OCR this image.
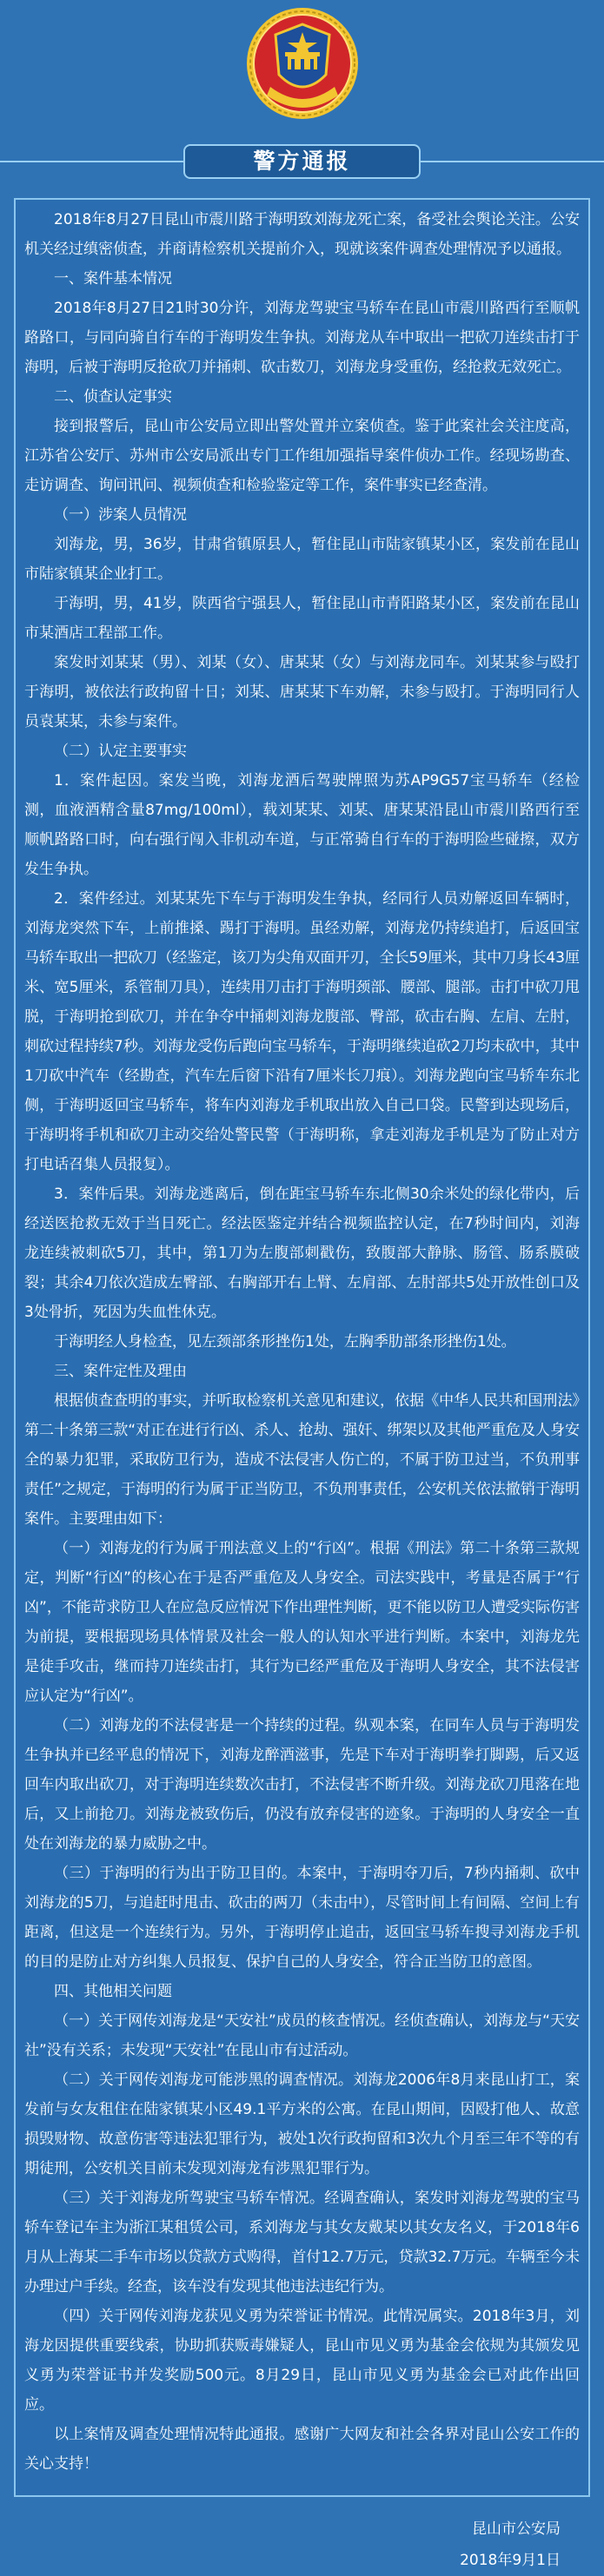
警方通报

2018年8月27日昆山市震川路于海明致刘海龙死亡案，备受社会舆论关注。公安机关经过缜密侦查，并商请检察机关提前介入，现就该案件调查处理情况予以通报。

一、案件基本情况

2018年8月27日21时30分许，刘海龙驾驶宝马轿车在昆山市震川路西行至顺帆路路口，与同向骑自行车的于海明发生争执。刘海龙从车中取出一把砍刀连续击打于海明，后被于海明反抢砍刀并捅刺、砍击数刀，刘海龙身受重伤，经抢救无效死亡。

二、侦查认定事实

接到报警后，昆山市公安局立即出警处置并立案侦查。鉴于此案社会关注度高，江苏省公安厅、苏州市公安局派出专门工作组加强指导案件侦办工作。经现场勘查、走访调查、询问讯问、视频侦查和检验鉴定等工作，案件事实已经查清。

（一）涉案人员情况

刘海龙，男，36岁，甘肃省镇原县人，暂住昆山市陆家镇某小区，案发前在昆山市陆家镇某企业打工。

于海明，男，41岁，陕西省宁强县人，暂住昆山市青阳路某小区，案发前在昆山市某酒店工程部工作。

案发时刘某某（男）、刘某（女）、唐某某（女）与刘海龙同车。刘某某参与殴打于海明，被依法行政拘留十日；刘某、唐某某下车劝解，未参与殴打。于海明同行人员袁某某，未参与案件。

（二）认定主要事实

1．案件起因。案发当晚，刘海龙酒后驾驶牌照为苏AP9G57宝马轿车（经检测，血液酒精含量87mg/100ml），载刘某某、刘某、唐某某沿昆山市震川路西行至顺帆路路口时，向右强行闯入非机动车道，与正常骑自行车的于海明险些碰擦，双方发生争执。

2．案件经过。刘某某先下车与于海明发生争执，经同行人员劝解返回车辆时，刘海龙突然下车，上前推搡、踢打于海明。虽经劝解，刘海龙仍持续追打，后返回宝马轿车取出一把砍刀（经鉴定，该刀为尖角双面开刃，全长59厘米，其中刀身长43厘米、宽5厘米，系管制刀具），连续用刀击打于海明颈部、腰部、腿部。击打中砍刀甩脱，于海明抢到砍刀，并在争夺中捅刺刘海龙腹部、臀部，砍击右胸、左肩、左肘，刺砍过程持续7秒。刘海龙受伤后跑向宝马轿车，于海明继续追砍2刀均未砍中，其中1刀砍中汽车（经勘查，汽车左后窗下沿有7厘米长刀痕）。刘海龙跑向宝马轿车东北侧，于海明返回宝马轿车，将车内刘海龙手机取出放入自己口袋。民警到达现场后，于海明将手机和砍刀主动交给处警民警（于海明称，拿走刘海龙手机是为了防止对方打电话召集人员报复）。

3．案件后果。刘海龙逃离后，倒在距宝马轿车东北侧30余米处的绿化带内，后经送医抢救无效于当日死亡。经法医鉴定并结合视频监控认定，在7秒时间内，刘海龙连续被刺砍5刀，其中，第1刀为左腹部刺戳伤，致腹部大静脉、肠管、肠系膜破裂；其余4刀依次造成左臀部、右胸部开右上臂、左肩部、左肘部共5处开放性创口及3处骨折，死因为失血性休克。

于海明经人身检查，见左颈部条形挫伤1处，左胸季肋部条形挫伤1处。

三、案件定性及理由

根据侦查查明的事实，并听取检察机关意见和建议，依据《中华人民共和国刑法》第二十条第三款“对正在进行行凶、杀人、抢劫、强奸、绑架以及其他严重危及人身安全的暴力犯罪，采取防卫行为，造成不法侵害人伤亡的，不属于防卫过当，不负刑事责任”之规定，于海明的行为属于正当防卫，不负刑事责任，公安机关依法撤销于海明案件。主要理由如下：

（一）刘海龙的行为属于刑法意义上的“行凶”。根据《刑法》第二十条第三款规定，判断“行凶”的核心在于是否严重危及人身安全。司法实践中，考量是否属于“行凶”，不能苛求防卫人在应急反应情况下作出理性判断，更不能以防卫人遭受实际伤害为前提，要根据现场具体情景及社会一般人的认知水平进行判断。本案中，刘海龙先是徒手攻击，继而持刀连续击打，其行为已经严重危及于海明人身安全，其不法侵害应认定为“行凶”。

（二）刘海龙的不法侵害是一个持续的过程。纵观本案，在同车人员与于海明发生争执并已经平息的情况下，刘海龙醉酒滋事，先是下车对于海明拳打脚踢，后又返回车内取出砍刀，对于海明连续数次击打，不法侵害不断升级。刘海龙砍刀甩落在地后，又上前抢刀。刘海龙被致伤后，仍没有放弃侵害的迹象。于海明的人身安全一直处在刘海龙的暴力威胁之中。

（三）于海明的行为出于防卫目的。本案中，于海明夺刀后，7秒内捅刺、砍中刘海龙的5刀，与追赶时甩击、砍击的两刀（未击中），尽管时间上有间隔、空间上有距离，但这是一个连续行为。另外，于海明停止追击，返回宝马轿车搜寻刘海龙手机的目的是防止对方纠集人员报复、保护自己的人身安全，符合正当防卫的意图。

四、其他相关问题

（一）关于网传刘海龙是“天安社”成员的核查情况。经侦查确认，刘海龙与“天安社”没有关系；未发现“天安社”在昆山市有过活动。

（二）关于网传刘海龙可能涉黑的调查情况。刘海龙2006年8月来昆山打工，案发前与女友租住在陆家镇某小区49.1平方米的公寓。在昆山期间，因殴打他人、故意损毁财物、故意伤害等违法犯罪行为，被处1次行政拘留和3次九个月至三年不等的有期徒刑，公安机关目前未发现刘海龙有涉黑犯罪行为。

（三）关于刘海龙所驾驶宝马轿车情况。经调查确认，案发时刘海龙驾驶的宝马轿车登记车主为浙江某租赁公司，系刘海龙与其女友戴某以其女友名义，于2018年6月从上海某二手车市场以贷款方式购得，首付12.7万元，贷款32.7万元。车辆至今未办理过户手续。经查，该车没有发现其他违法违纪行为。

（四）关于网传刘海龙获见义勇为荣誉证书情况。此情况属实。2018年3月，刘海龙因提供重要线索，协助抓获贩毒嫌疑人，昆山市见义勇为基金会依规为其颁发见义勇为荣誉证书并发奖励500元。8月29日，昆山市见义勇为基金会已对此作出回应。

以上案情及调查处理情况特此通报。感谢广大网友和社会各界对昆山公安工作的关心支持！

昆山市公安局
2018年9月1日
